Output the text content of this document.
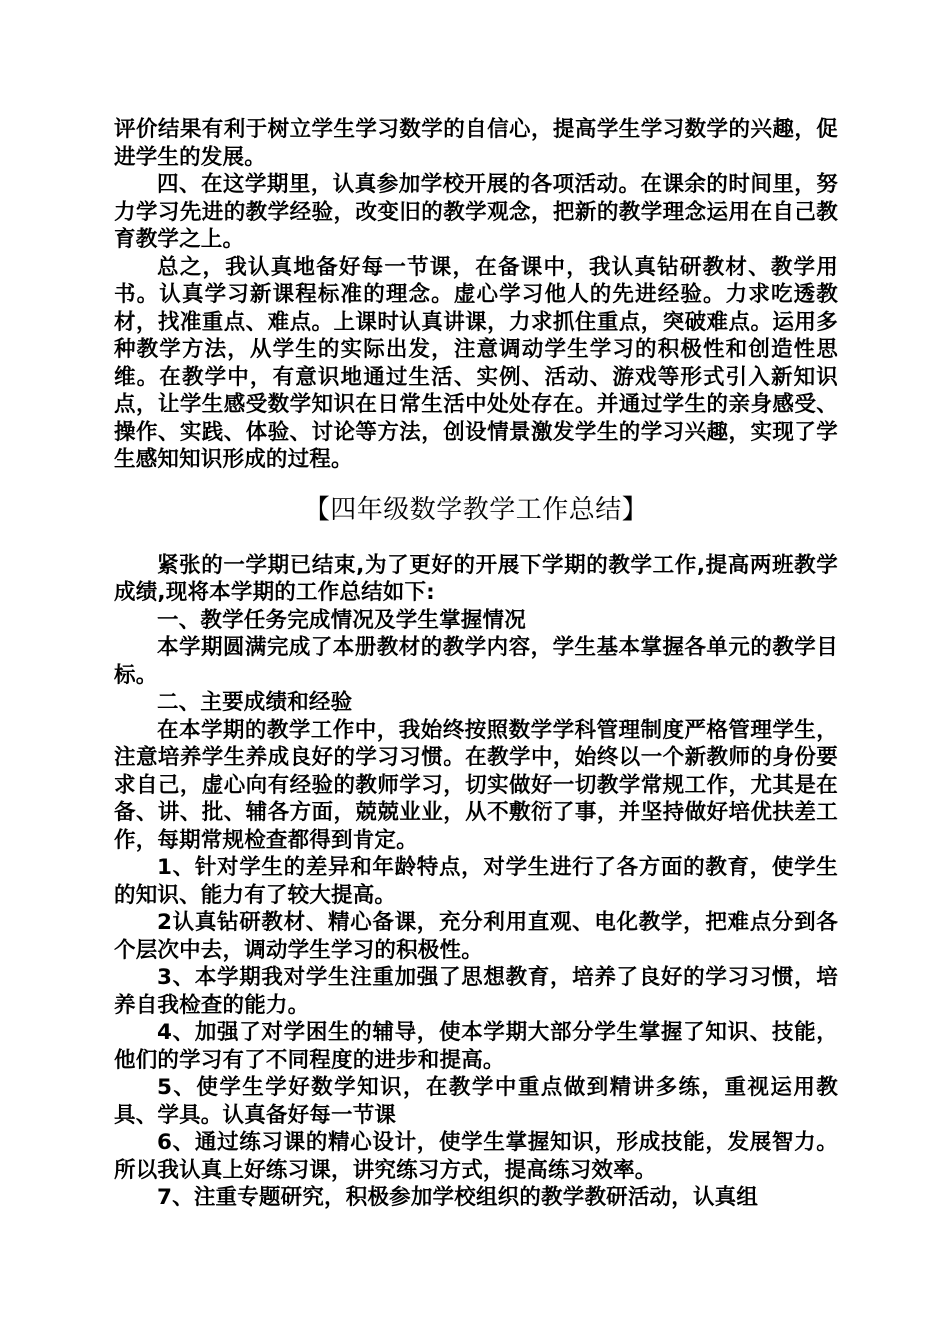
评价结果有利于树立学生学习数学的自信心，提高学生学习数学的兴趣，促进学生的发展。

四、在这学期里，认真参加学校开展的各项活动。在课余的时间里，努力学习先进的教学经验，改变旧的教学观念，把新的教学理念运用在自己教育教学之上。

总之，我认真地备好每一节课，在备课中，我认真钻研教材、教学用书。认真学习新课程标准的理念。虚心学习他人的先进经验。力求吃透教材，找准重点、难点。上课时认真讲课，力求抓住重点，突破难点。运用多种教学方法，从学生的实际出发，注意调动学生学习的积极性和创造性思维。在教学中，有意识地通过生活、实例、活动、游戏等形式引入新知识点，让学生感受数学知识在日常生活中处处存在。并通过学生的亲身感受、操作、实践、体验、讨论等方法，创设情景激发学生的学习兴趣，实现了学生感知知识形成的过程。

【四年级数学教学工作总结】

紧张的一学期已结束,为了更好的开展下学期的教学工作,提高两班教学成绩,现将本学期的工作总结如下:

一、教学任务完成情况及学生掌握情况

本学期圆满完成了本册教材的教学内容，学生基本掌握各单元的教学目标。

二、主要成绩和经验

在本学期的教学工作中，我始终按照数学学科管理制度严格管理学生，注意培养学生养成良好的学习习惯。在教学中，始终以一个新教师的身份要求自己，虚心向有经验的教师学习，切实做好一切教学常规工作，尤其是在备、讲、批、辅各方面，兢兢业业，从不敷衍了事，并坚持做好培优扶差工作，每期常规检查都得到肯定。

1、针对学生的差异和年龄特点，对学生进行了各方面的教育，使学生的知识、能力有了较大提高。

2认真钻研教材、精心备课，充分利用直观、电化教学，把难点分到各个层次中去，调动学生学习的积极性。

3、本学期我对学生注重加强了思想教育，培养了良好的学习习惯，培养自我检查的能力。

4、加强了对学困生的辅导，使本学期大部分学生掌握了知识、技能，他们的学习有了不同程度的进步和提高。

5、使学生学好数学知识，在教学中重点做到精讲多练，重视运用教具、学具。认真备好每一节课

6、通过练习课的精心设计，使学生掌握知识，形成技能，发展智力。所以我认真上好练习课，讲究练习方式，提高练习效率。

7、注重专题研究，积极参加学校组织的教学教研活动，认真组
